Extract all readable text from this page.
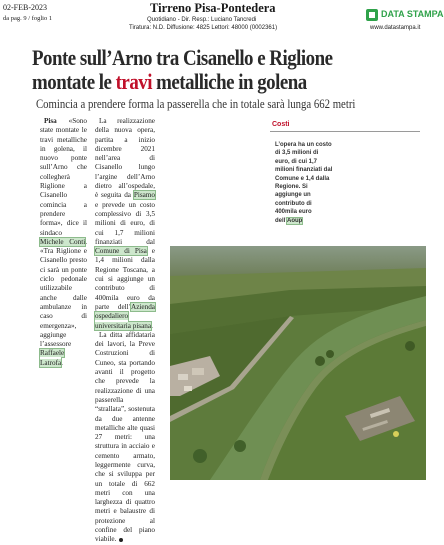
02-FEB-2023
da pag. 9 / foglio 1
Tirreno Pisa-Pontedera
Quotidiano - Dir. Resp.: Luciano Tancredi
Tiratura: N.D. Diffusione: 4825 Lettori: 48000 (0002361)
DATA STAMPA
www.datastampa.it
Ponte sull’Arno tra Cisanello e Riglione
montate le travi metalliche in golena
Comincia a prendere forma la passerella che in totale sarà lunga 662 metri

Pisa «Sono state montate le travi metalliche in golena, il nuovo ponte sull’Arno che collegherà Riglione a Cisanello comincia a prendere forma», dice il sindaco Michele Conti. «Tra Riglione e Cisanello presto ci sarà un ponte ciclo pedonale utilizzabile anche dalle ambulanze in caso di emergenza», aggiunge l’assessore Raffaele Latrofa.

La realizzazione della nuova opera, partita a inizio dicembre 2021 nell’area di Cisanello lungo l’argine dell’Arno dietro all’ospedale, è seguita da Pisamo e prevede un costo complessivo di 3,5 milioni di euro, di cui 1,7 milioni finanziati dal Comune di Pisa e 1,4 milioni dalla Regione Toscana, a cui si aggiunge un contributo di 400mila euro da parte dell’Azienda ospedaliero universitaria pisana.

La ditta affidataria dei lavori, la Preve Costruzioni di Cuneo, sta portando avanti il progetto che prevede la realizzazione di una passerella “strallata”, sostenuta da due antenne metalliche alte quasi 27 metri: una struttura in acciaio e cemento armato, leggermente curva, che si sviluppa per un totale di 662 metri con una larghezza di quattro metri e balaustre di protezione al confine del piano viabile.

Costi
L’opera ha un costo di 3,5 milioni di euro, di cui 1,7 milioni finanziati dal Comune e 1,4 dalla Regione. Si aggiunge un contributo di 400mila euro dell’Aoup
